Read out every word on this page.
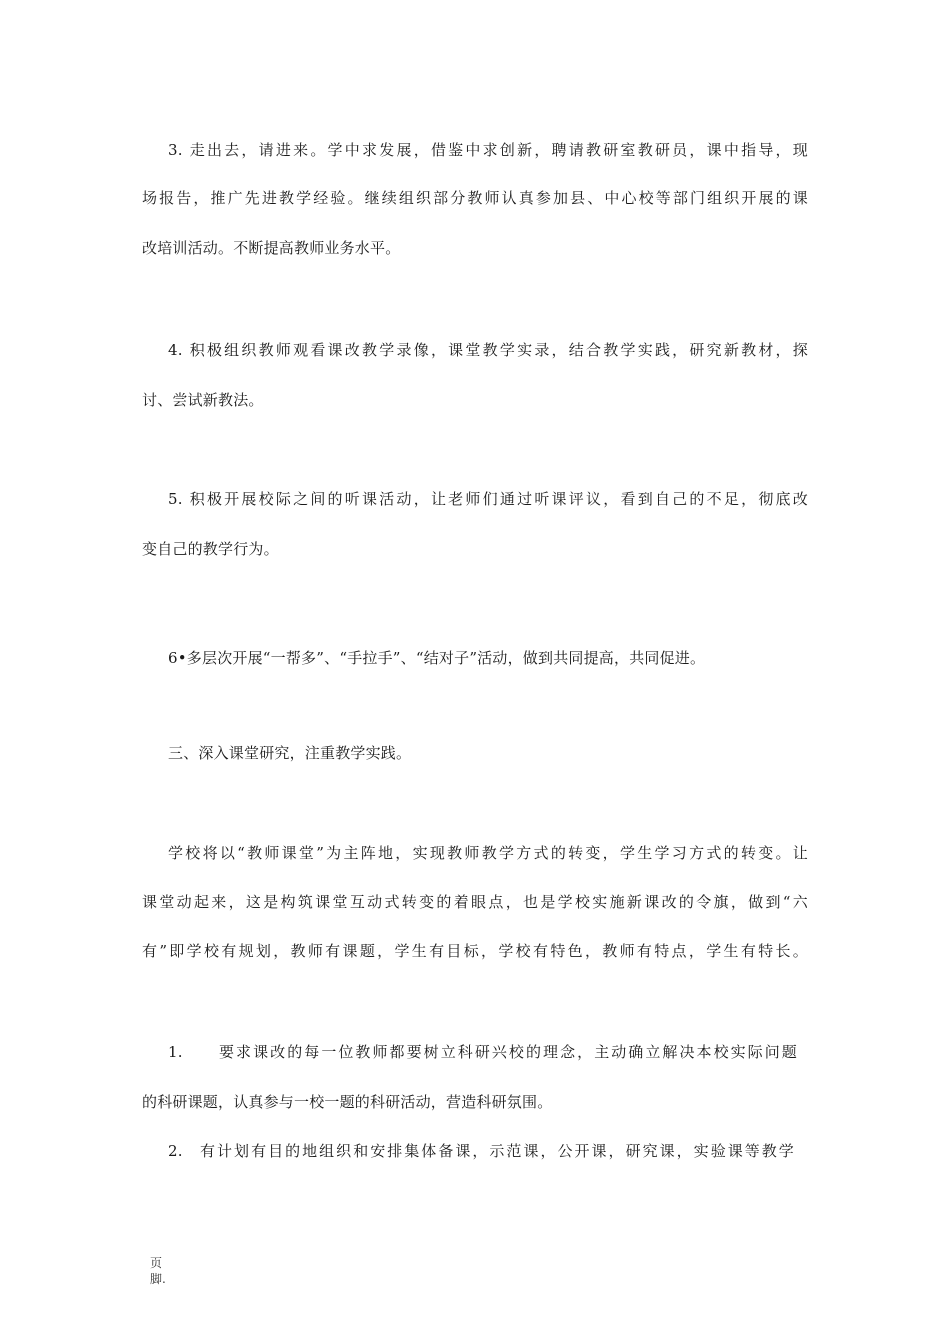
3. 走出去，请进来。学中求发展，借鉴中求创新，聘请教研室教研员，课中指导，现
场报告，推广先进教学经验。继续组织部分教师认真参加县、中心校等部门组织开展的课
改培训活动。不断提高教师业务水平。
4. 积极组织教师观看课改教学录像，课堂教学实录，结合教学实践，研究新教材，探
讨、尝试新教法。
5. 积极开展校际之间的听课活动，让老师们通过听课评议，看到自己的不足，彻底改
变自己的教学行为。
6•多层次开展“一帮多”、“手拉手”、“结对子”活动，做到共同提高，共同促进。
三、深入课堂研究，注重教学实践。
学校将以“教师课堂”为主阵地，实现教师教学方式的转变，学生学习方式的转变。让
课堂动起来，这是构筑课堂互动式转变的着眼点，也是学校实施新课改的令旗，做到“六
有”即学校有规划，教师有课题，学生有目标，学校有特色，教师有特点，学生有特长。
1. 要求课改的每一位教师都要树立科研兴校的理念，主动确立解决本校实际问题
的科研课题，认真参与一校一题的科研活动，营造科研氛围。
2. 有计划有目的地组织和安排集体备课，示范课，公开课，研究课，实验课等教学
页
脚.
